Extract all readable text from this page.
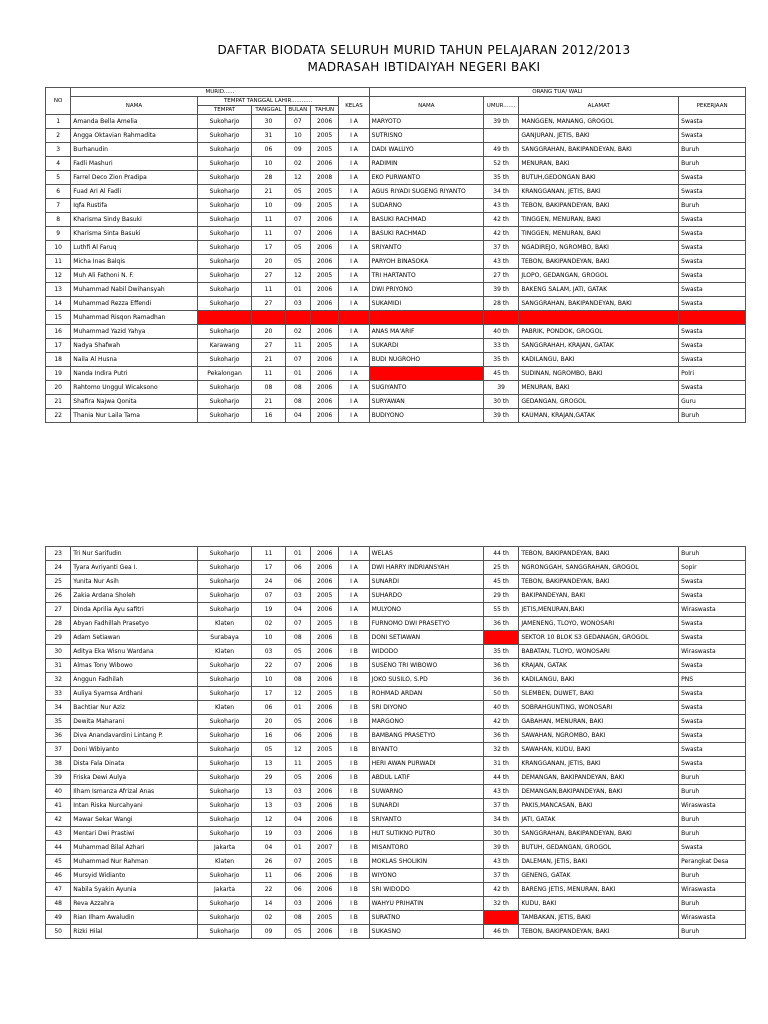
DAFTAR BIODATA SELURUH MURID TAHUN PELAJARAN 2012/2013
MADRASAH IBTIDAIYAH NEGERI BAKI
NO	MURID......						ORANG TUA/ WALI			
	NAMA	TEMPAT TANGGAL LAHIR............				KELAS	NAMA	UMUR.......	ALAMAT	PEKERJAAN
		TEMPAT	TANGGAL	BULAN	TAHUN					
1	Amanda Bella Amelia	Sukoharjo	30	07	2006	I A	MARYOTO	39 th	MANGGEN, MANANG, GROGOL	Swasta
2	Angga Oktavian Rahmadita	Sukoharjo	31	10	2005	I A	SUTRISNO		GANJURAN, JETIS, BAKI	Swasta
3	Burhanudin	Sukoharjo	06	09	2005	I A	DADI WALUYO	49 th	SANGGRAHAN, BAKIPANDEYAN, BAKI	Buruh
4	Fadli Mashuri	Sukoharjo	10	02	2006	I A	RADIMIN	52 th	MENURAN, BAKI	Buruh
5	Farrel Deco Zion Pradipa	Sukoharjo	28	12	2008	I A	EKO PURWANTO	35 th	BUTUH,GEDONGAN BAKI	Swasta
6	Fuad Ari Al Fadli	Sukoharjo	21	05	2005	I A	AGUS RIYADI SUGENG RIYANTO	34 th	KRANGGANAN, JETIS, BAKI	Swasta
7	Iqfa Rustifa	Sukoharjo	10	09	2005	I A	SUDARNO	43 th	TEBON, BAKIPANDEYAN, BAKI	Buruh
8	Kharisma Sindy Basuki	Sukoharjo	11	07	2006	I A	BASUKI RACHMAD	42 th	TINGGEN, MENURAN, BAKI	Swasta
9	Kharisma Sinta Basuki	Sukoharjo	11	07	2006	I A	BASUKI RACHMAD	42 th	TINGGEN, MENURAN, BAKI	Swasta
10	Luthfi Al Faruq	Sukoharjo	17	05	2006	I A	SRIYANTO	37 th	NGADIREJO, NGROMBO, BAKI	Swasta
11	Micha Inas Balqis	Sukoharjo	20	05	2006	I A	PARYOH BINASOKA	43 th	TEBON, BAKIPANDEYAN, BAKI	Swasta
12	Muh Ali Fathoni N. F.	Sukoharjo	27	12	2005	I A	TRI HARTANTO	27 th	JLOPO, GEDANGAN, GROGOL	Swasta
13	Muhammad Nabil Dwihansyah	Sukoharjo	11	01	2006	I A	DWI PRIYONO	39 th	BAKENG SALAM, JATI, GATAK	Swasta
14	Muhammad Rezza Effendi	Sukoharjo	27	03	2006	I A	SUKAMIDI	28 th	SANGGRAHAN, BAKIPANDEYAN, BAKI	Swasta
15	Muhammad Risqon Ramadhan									
16	Muhammad Yazid Yahya	Sukoharjo	20	02	2006	I A	ANAS MA'ARIF	40 th	PABRIK, PONDOK, GROGOL	Swasta
17	Nadya Shafwah	Karawang	27	11	2005	I A	SUKARDI	33 th	SANGGRAHAH, KRAJAN, GATAK	Swasta
18	Naila Al Husna	Sukoharjo	21	07	2006	I A	BUDI NUGROHO	35 th	KADILANGU, BAKI	Swasta
19	Nanda Indira Putri	Pekalongan	11	01	2006	I A		45 th	SUDINAN, NGROMBO, BAKI	Polri
20	Rahtomo Unggul Wicaksono	Sukoharjo	08	08	2006	I A	SUGIYANTO	39	MENURAN, BAKI	Swasta
21	Shafira Najwa Qonita	Sukoharjo	21	08	2006	I A	SURYAWAN	30 th	GEDANGAN, GROGOL	Guru
22	Thania Nur Laila Tama	Sukoharjo	16	04	2006	I A	BUDIYONO	39 th	KAUMAN, KRAJAN,GATAK	Buruh
23	Tri Nur Sarifudin	Sukoharjo	11	01	2006	I A	WELAS	44 th	TEBON, BAKIPANDEYAN, BAKI	Buruh
24	Tyara Avriyanti Gea I.	Sukoharjo	17	06	2006	I A	DWI HARRY INDRIANSYAH	25 th	NGRONGGAH, SANGGRAHAN, GROGOL	Sopir
25	Yunita Nur Asih	Sukoharjo	24	06	2006	I A	SUNARDI	45 th	TEBON, BAKIPANDEYAN, BAKI	Swasta
26	Zakia Ardana Sholeh	Sukoharjo	07	03	2005	I A	SUHARDO	29 th	BAKIPANDEYAN, BAKI	Swasta
27	Dinda Aprilia Ayu safitri	Sukoharjo	19	04	2006	I A	MULYONO	55 th	JETIS,MENURAN,BAKI	Wiraswasta
28	Abyan Fadhillah Prasetyo	Klaten	02	07	2005	I B	FURNOMO DWI PRASETYO	36 th	JAMENENG, TLOYO, WONOSARI	Swasta
29	Adam Setiawan	Surabaya	10	08	2006	I B	DONI SETIAWAN		SEKTOR 10 BLOK S3 GEDANAGN, GROGOL	Swasta
30	Aditya Eka Wisnu Wardana	Klaten	03	05	2006	I B	WIDODO	35 th	BABATAN, TLOYO, WONOSARI	Wiraswasta
31	Almas Tony Wibowo	Sukoharjo	22	07	2006	I B	SUSENO TRI WIBOWO	36 th	KRAJAN, GATAK	Swasta
32	Anggun Fadhilah	Sukoharjo	10	08	2006	I B	JOKO SUSILO, S.PD	36 th	KADILANGU, BAKI	PNS
33	Auliya Syamsa Ardhani	Sukoharjo	17	12	2005	I B	ROHMAD ARDAN	50 th	SLEMBEN, DUWET, BAKI	Swasta
34	Bachtiar Nur Aziz	Klaten	06	01	2006	I B	SRI DIYONO	40 th	SOBRAHGUNTING, WONOSARI	Swasta
35	Dewita Maharani	Sukoharjo	20	05	2006	I B	MARGONO	42 th	GABAHAN, MENURAN, BAKI	Swasta
36	Diva Anandavardini Lintang P.	Sukoharjo	16	06	2006	I B	BAMBANG PRASETYO	36 th	SAWAHAN, NGROMBO, BAKI	Swasta
37	Doni Wibiyanto	Sukoharjo	05	12	2005	I B	BIYANTO	32 th	SAWAHAN, KUDU, BAKI	Swasta
38	Dista Fala Dinata	Sukoharjo	13	11	2005	I B	HERI AWAN PURWADI	31 th	KRANGGANAN, JETIS, BAKI	Swasta
39	Friska Dewi Aulya	Sukoharjo	29	05	2006	I B	ABDUL LATIF	44 th	DEMANGAN, BAKIPANDEYAN, BAKI	Buruh
40	Ilham Ismanza Afrizal Anas	Sukoharjo	13	03	2006	I B	SUWARNO	43 th	DEMANGAN,BAKIPANDEYAN, BAKI	Buruh
41	Intan Riska Nurcahyani	Sukoharjo	13	03	2006	I B	SUNARDI	37 th	PAKIS,MANCASAN, BAKI	Wiraswasta
42	Mawar Sekar Wangi	Sukoharjo	12	04	2006	I B	SRIYANTO	34 th	JATI, GATAK	Buruh
43	Mentari Dwi Prastiwi	Sukoharjo	19	03	2006	I B	HUT SUTIKNO PUTRO	30 th	SANGGRAHAN, BAKIPANDEYAN, BAKI	Buruh
44	Muhammad Bilal Azhari	Jakarta	04	01	2007	I B	MISANTORO	39 th	BUTUH, GEDANGAN, GROGOL	Swasta
45	Muhammad Nur Rahman	Klaten	26	07	2005	I B	MOKLAS SHOLIKIN	43 th	DALEMAN, JETIS, BAKI	Perangkat Desa
46	Mursyid Widianto	Sukoharjo	11	06	2006	I B	WIYONO	37 th	GENENG, GATAK	Buruh
47	Nabila Syakin Ayunia	Jakarta	22	06	2006	I B	SRI WIDODO	42 th	BARENG JETIS, MENURAN, BAKI	Wiraswasta
48	Reva Azzahra	Sukoharjo	14	03	2006	I B	WAHYU PRIHATIN	32 th	KUDU, BAKI	Buruh
49	Rian Ilham Awaludin	Sukoharjo	02	08	2005	I B	SURATNO		TAMBAKAN, JETIS, BAKI	Wiraswasta
50	Rizki Hilal	Sukoharjo	09	05	2006	I B	SUKASNO	46 th	TEBON, BAKIPANDEYAN, BAKI	Buruh
